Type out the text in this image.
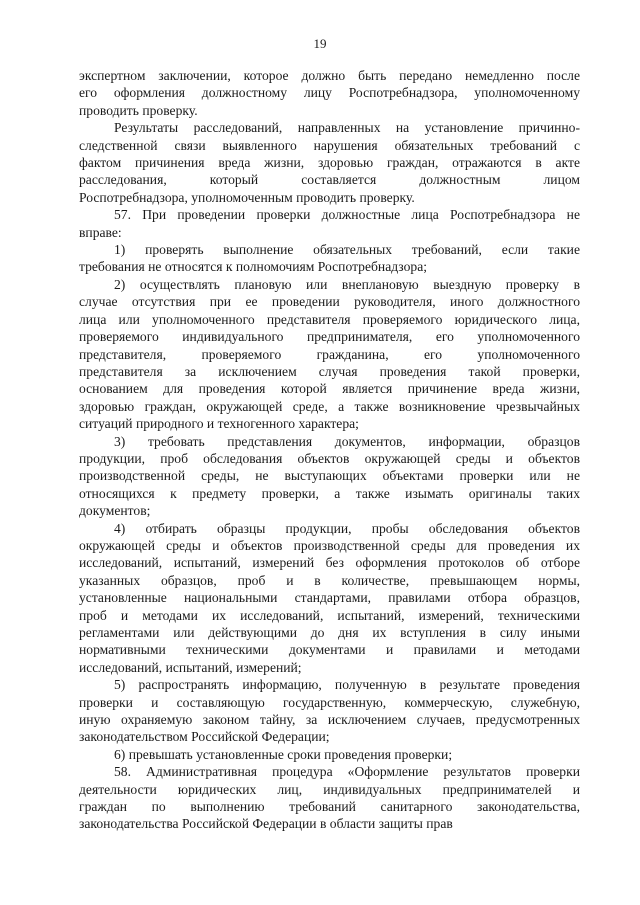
19
экспертном заключении, которое должно быть передано немедленно после
его оформления должностному лицу Роспотребнадзора, уполномоченному
проводить проверку.
Результаты расследований, направленных на установление причинно-
следственной связи выявленного нарушения обязательных требований с
фактом причинения вреда жизни, здоровью граждан, отражаются в акте
расследования, который составляется должностным лицом
Роспотребнадзора, уполномоченным проводить проверку.
57. При проведении проверки должностные лица Роспотребнадзора не
вправе:
1) проверять выполнение обязательных требований, если такие
требования не относятся к полномочиям Роспотребнадзора;
2) осуществлять плановую или внеплановую выездную проверку в
случае отсутствия при ее проведении руководителя, иного должностного
лица или уполномоченного представителя проверяемого юридического лица,
проверяемого индивидуального предпринимателя, его уполномоченного
представителя, проверяемого гражданина, его уполномоченного
представителя за исключением случая проведения такой проверки,
основанием для проведения которой является причинение вреда жизни,
здоровью граждан, окружающей среде, а также возникновение чрезвычайных
ситуаций природного и техногенного характера;
3) требовать представления документов, информации, образцов
продукции, проб обследования объектов окружающей среды и объектов
производственной среды, не выступающих объектами проверки или не
относящихся к предмету проверки, а также изымать оригиналы таких
документов;
4) отбирать образцы продукции, пробы обследования объектов
окружающей среды и объектов производственной среды для проведения их
исследований, испытаний, измерений без оформления протоколов об отборе
указанных образцов, проб и в количестве, превышающем нормы,
установленные национальными стандартами, правилами отбора образцов,
проб и методами их исследований, испытаний, измерений, техническими
регламентами или действующими до дня их вступления в силу иными
нормативными техническими документами и правилами и методами
исследований, испытаний, измерений;
5) распространять информацию, полученную в результате проведения
проверки и составляющую государственную, коммерческую, служебную,
иную охраняемую законом тайну, за исключением случаев, предусмотренных
законодательством Российской Федерации;
6) превышать установленные сроки проведения проверки;
58. Административная процедура «Оформление результатов проверки
деятельности юридических лиц, индивидуальных предпринимателей и
граждан по выполнению требований санитарного законодательства,
законодательства Российской Федерации в области защиты прав
